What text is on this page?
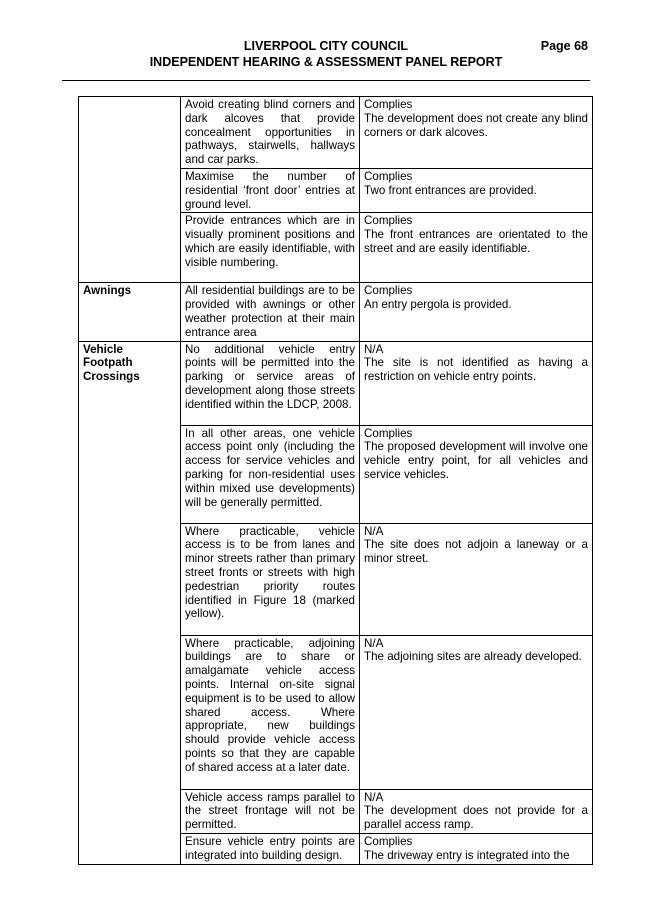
LIVERPOOL CITY COUNCIL	Page 68
INDEPENDENT HEARING & ASSESSMENT PANEL REPORT
	Avoid creating blind corners and dark alcoves that provide concealment opportunities in pathways, stairwells, hallways and car parks.	Complies
The development does not create any blind corners or dark alcoves.
	Maximise the number of residential ‘front door’ entries at ground level.	Complies
Two front entrances are provided.
	Provide entrances which are in visually prominent positions and which are easily identifiable, with visible numbering.	Complies
The front entrances are orientated to the street and are easily identifiable.
Awnings	All residential buildings are to be provided with awnings or other weather protection at their main entrance area	Complies
An entry pergola is provided.

Vehicle Footpath Crossings	No additional vehicle entry points will be permitted into the parking or service areas of development along those streets identified within the LDCP, 2008.	N/A
The site is not identified as having a restriction on vehicle entry points.
	In all other areas, one vehicle access point only (including the access for service vehicles and parking for non-residential uses within mixed use developments) will be generally permitted.	Complies
The proposed development will involve one vehicle entry point, for all vehicles and service vehicles.
	Where practicable, vehicle access is to be from lanes and minor streets rather than primary street fronts or streets with high pedestrian priority routes identified in Figure 18 (marked yellow).	N/A
The site does not adjoin a laneway or a minor street.
	Where practicable, adjoining buildings are to share or amalgamate vehicle access points. Internal on-site signal equipment is to be used to allow shared access. Where appropriate, new buildings should provide vehicle access points so that they are capable of shared access at a later date.	N/A
The adjoining sites are already developed.
	Vehicle access ramps parallel to the street frontage will not be permitted.	N/A
The development does not provide for a parallel access ramp.
	Ensure vehicle entry points are integrated into building design.	Complies
The driveway entry is integrated into the
